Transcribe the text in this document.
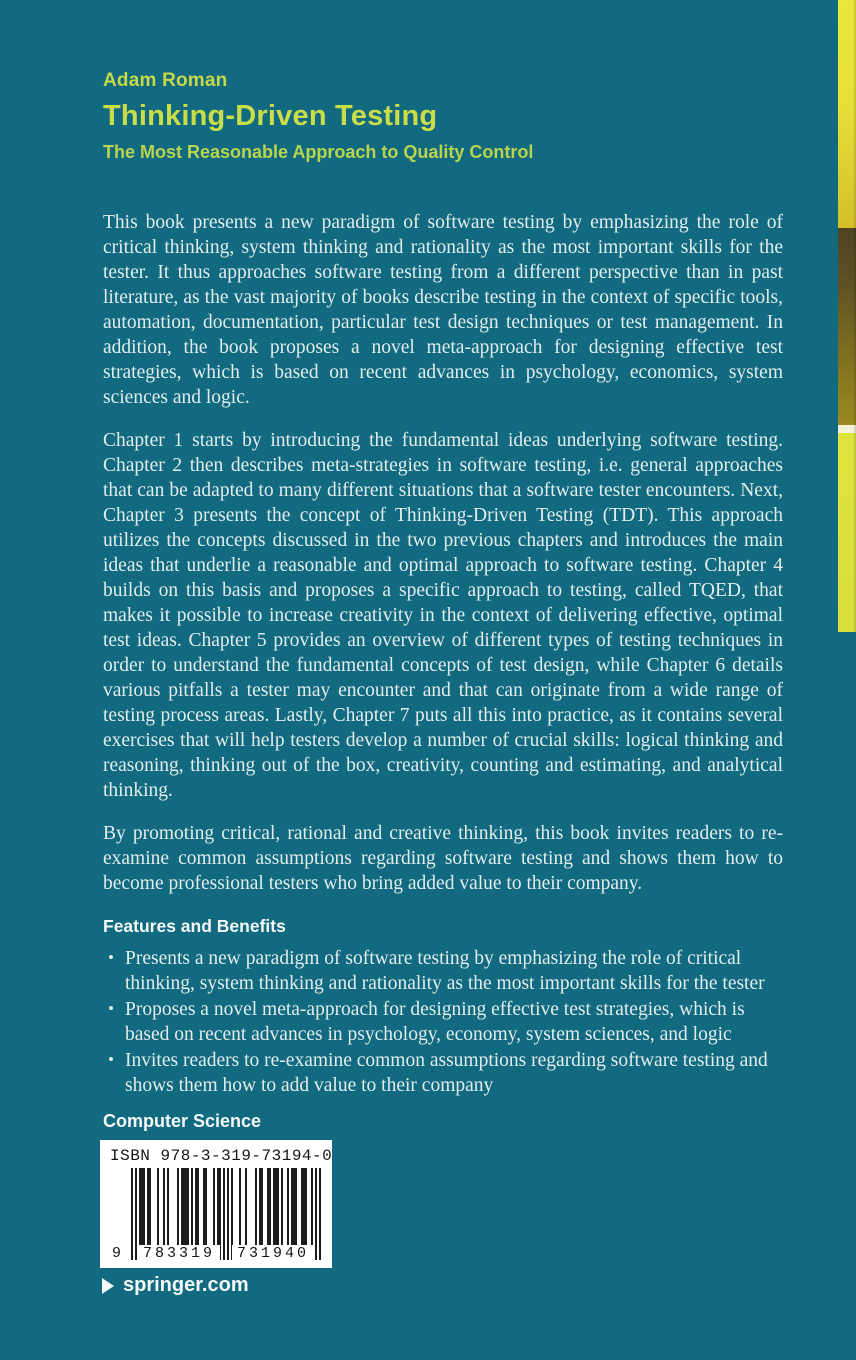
Adam Roman
Thinking-Driven Testing
The Most Reasonable Approach to Quality Control

This book presents a new paradigm of software testing by emphasizing the role of critical thinking, system thinking and rationality as the most important skills for the tester. It thus approaches software testing from a different perspective than in past literature, as the vast majority of books describe testing in the context of specific tools, automation, documentation, particular test design techniques or test management. In addition, the book proposes a novel meta-approach for designing effective test strategies, which is based on recent advances in psychology, economics, system sciences and logic.

Chapter 1 starts by introducing the fundamental ideas underlying software testing. Chapter 2 then describes meta-strategies in software testing, i.e. general approaches that can be adapted to many different situations that a software tester encounters. Next, Chapter 3 presents the concept of Thinking-Driven Testing (TDT). This approach utilizes the concepts discussed in the two previous chapters and introduces the main ideas that underlie a reasonable and optimal approach to software testing. Chapter 4 builds on this basis and proposes a specific approach to testing, called TQED, that makes it possible to increase creativity in the context of delivering effective, optimal test ideas. Chapter 5 provides an overview of different types of testing techniques in order to understand the fundamental concepts of test design, while Chapter 6 details various pitfalls a tester may encounter and that can originate from a wide range of testing process areas. Lastly, Chapter 7 puts all this into practice, as it contains several exercises that will help testers develop a number of crucial skills: logical thinking and reasoning, thinking out of the box, creativity, counting and estimating, and analytical thinking.

By promoting critical, rational and creative thinking, this book invites readers to re-examine common assumptions regarding software testing and shows them how to become professional testers who bring added value to their company.

Features and Benefits
• Presents a new paradigm of software testing by emphasizing the role of critical thinking, system thinking and rationality as the most important skills for the tester
• Proposes a novel meta-approach for designing effective test strategies, which is based on recent advances in psychology, economy, system sciences, and logic
• Invites readers to re-examine common assumptions regarding software testing and shows them how to add value to their company
Computer Science
ISBN 978-3-319-73194-0
9	783319	731940
springer.com
